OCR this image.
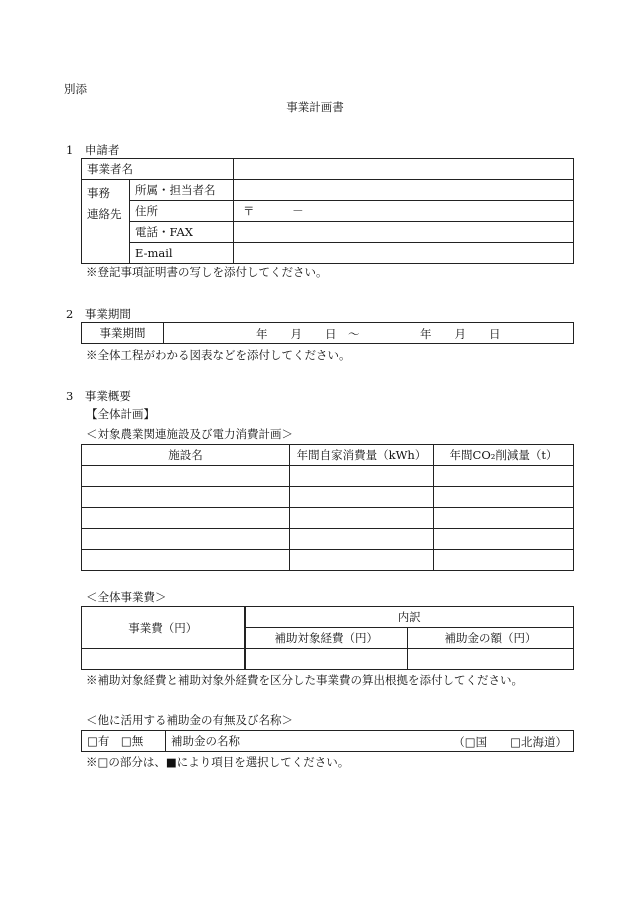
別添
事業計画書
1　申請者
事業者名		

事務
連絡先	所属・担当者名	
	住所	〒 －
	電話・FAX	
	E-mail	
※登記事項証明書の写しを添付してください。
2　事業期間
事業期間	年　　月　　日　～	年　　月　　日
※全体工程がわかる図表などを添付してください。
3　事業概要
【全体計画】
＜対象農業関連施設及び電力消費計画＞
施設名	年間自家消費量（kWh）	年間CO₂削減量（t）

＜全体事業費＞
事業費（円）	内訳	
	補助対象経費（円）	補助金の額（円）

※補助対象経費と補助対象外経費を区分した事業費の算出根拠を添付してください。
＜他に活用する補助金の有無及び名称＞
□有　□無	補助金の名称	（□国　　□北海道）
※□の部分は、■により項目を選択してください。
